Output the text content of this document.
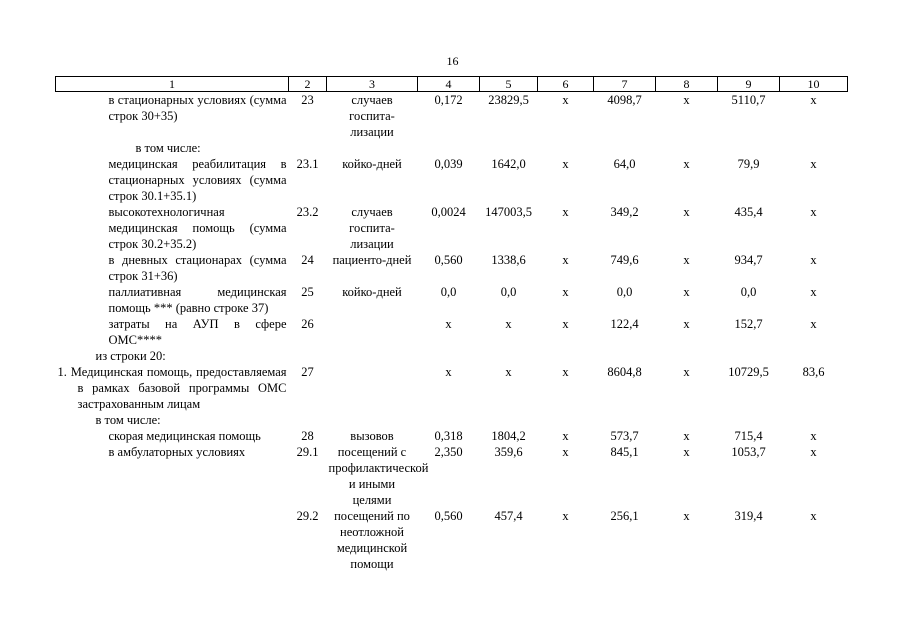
16
1	2	3	4	5	6	7	8	9	10
в стационарных условиях (сумма строк 30+35)	23	случаев госпита-лизации	0,172	23829,5	х	4098,7	х	5110,7	х
в том числе:									
медицинская реабилитация в стационарных условиях (сумма строк 30.1+35.1)	23.1	койко-дней	0,039	1642,0	х	64,0	х	79,9	х
высокотехнологичная медицинская помощь (сумма строк 30.2+35.2)	23.2	случаев госпита-лизации	0,0024	147003,5	х	349,2	х	435,4	х
в дневных стационарах (сумма строк 31+36)	24	пациенто-дней	0,560	1338,6	х	749,6	х	934,7	х
паллиативная медицинская помощь *** (равно строке 37)	25	койко-дней	0,0	0,0	х	0,0	х	0,0	х
затраты на АУП в сфере ОМС****	26		х	х	х	122,4	х	152,7	х
из строки 20:									
1. Медицинская помощь, предоставляемая в рамках базовой программы ОМС застрахованным лицам	27		х	х	х	8604,8	х	10729,5	83,6
в том числе:									
скорая медицинская помощь	28	вызовов	0,318	1804,2	х	573,7	х	715,4	х
в амбулаторных условиях	29.1	посещений с профилактической и иными целями	2,350	359,6	х	845,1	х	1053,7	х
	29.2	посещений по неотложной медицинской помощи	0,560	457,4	х	256,1	х	319,4	х
